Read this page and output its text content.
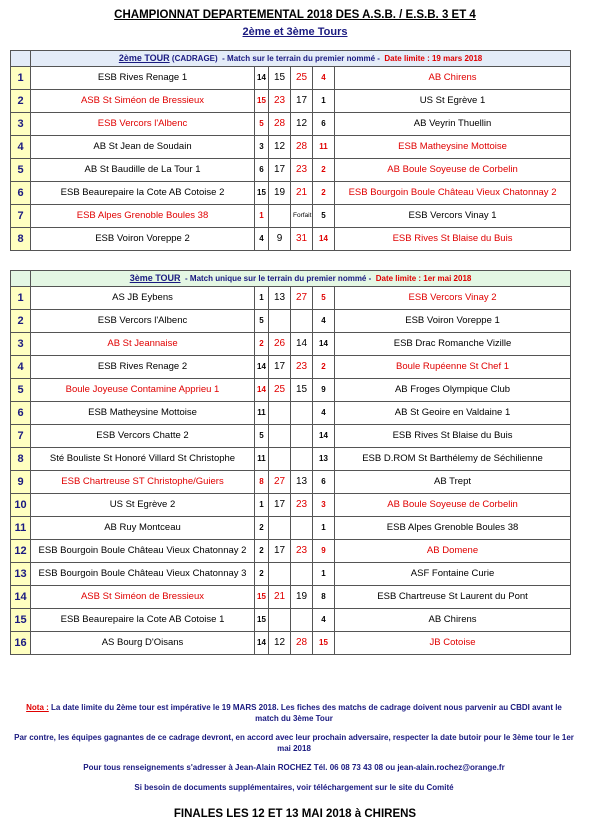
CHAMPIONNAT DEPARTEMENTAL 2018 DES A.S.B. / E.S.B. 3 ET 4
2ème et 3ème Tours

	2ème TOUR (CADRAGE) - Match sur le terrain du premier nommé - Date limite : 19 mars 2018					
1	ESB Rives Renage 1	14	15	25	4	AB Chirens
2	ASB St Siméon de Bressieux	15	23	17	1	US St Egrève 1
3	ESB Vercors l'Albenc	5	28	12	6	AB Veyrin Thuellin
4	AB St Jean de Soudain	3	12	28	11	ESB Matheysine Mottoise
5	AB St Baudille de La Tour 1	6	17	23	2	AB Boule Soyeuse de Corbelin
6	ESB Beaurepaire la Cote AB Cotoise 2	15	19	21	2	ESB Bourgoin Boule Château Vieux Chatonnay 2
7	ESB Alpes Grenoble Boules 38	1		Forfait	5	ESB Vercors Vinay 1
8	ESB Voiron Voreppe 2	4	9	31	14	ESB Rives St Blaise du Buis
	3ème TOUR - Match unique sur le terrain du premier nommé - Date limite : 1er mai 2018					
1	AS JB Eybens	1	13	27	5	ESB Vercors Vinay 2
2	ESB Vercors l'Albenc	5			4	ESB Voiron Voreppe 1
3	AB St Jeannaise	2	26	14	14	ESB Drac Romanche Vizille
4	ESB Rives Renage 2	14	17	23	2	Boule Rupéenne St Chef 1
5	Boule Joyeuse Contamine Apprieu 1	14	25	15	9	AB Froges Olympique Club
6	ESB Matheysine Mottoise	11			4	AB St Geoire en Valdaine 1
7	ESB Vercors Chatte 2	5			14	ESB Rives St Blaise du Buis
8	Sté Bouliste St Honoré Villard St Christophe	11			13	ESB D.ROM St Barthélemy de Séchilienne
9	ESB Chartreuse ST Christophe/Guiers	8	27	13	6	AB Trept
10	US St Egrève 2	1	17	23	3	AB Boule Soyeuse de Corbelin
11	AB Ruy Montceau	2			1	ESB Alpes Grenoble Boules 38
12	ESB Bourgoin Boule Château Vieux Chatonnay 2	2	17	23	9	AB Domene
13	ESB Bourgoin Boule Château Vieux Chatonnay 3	2			1	ASF Fontaine Curie
14	ASB St Siméon de Bressieux	15	21	19	8	ESB Chartreuse St Laurent du Pont
15	ESB Beaurepaire la Cote AB Cotoise 1	15			4	AB Chirens
16	AS Bourg D'Oisans	14	12	28	15	JB Cotoise
Nota : La date limite du 2ème tour est impérative le 19 MARS 2018. Les fiches des matchs de cadrage doivent nous parvenir au CBDI avant le match du 3ème Tour
Par contre, les équipes gagnantes de ce cadrage devront, en accord avec leur prochain adversaire, respecter la date butoir pour le 3ème tour le 1er mai 2018
Pour tous renseignements s'adresser à Jean-Alain ROCHEZ Tél. 06 08 73 43 08 ou jean-alain.rochez@orange.fr
Si besoin de documents supplémentaires, voir téléchargement sur le site du Comité
FINALES LES 12 ET 13 MAI 2018 à CHIRENS
